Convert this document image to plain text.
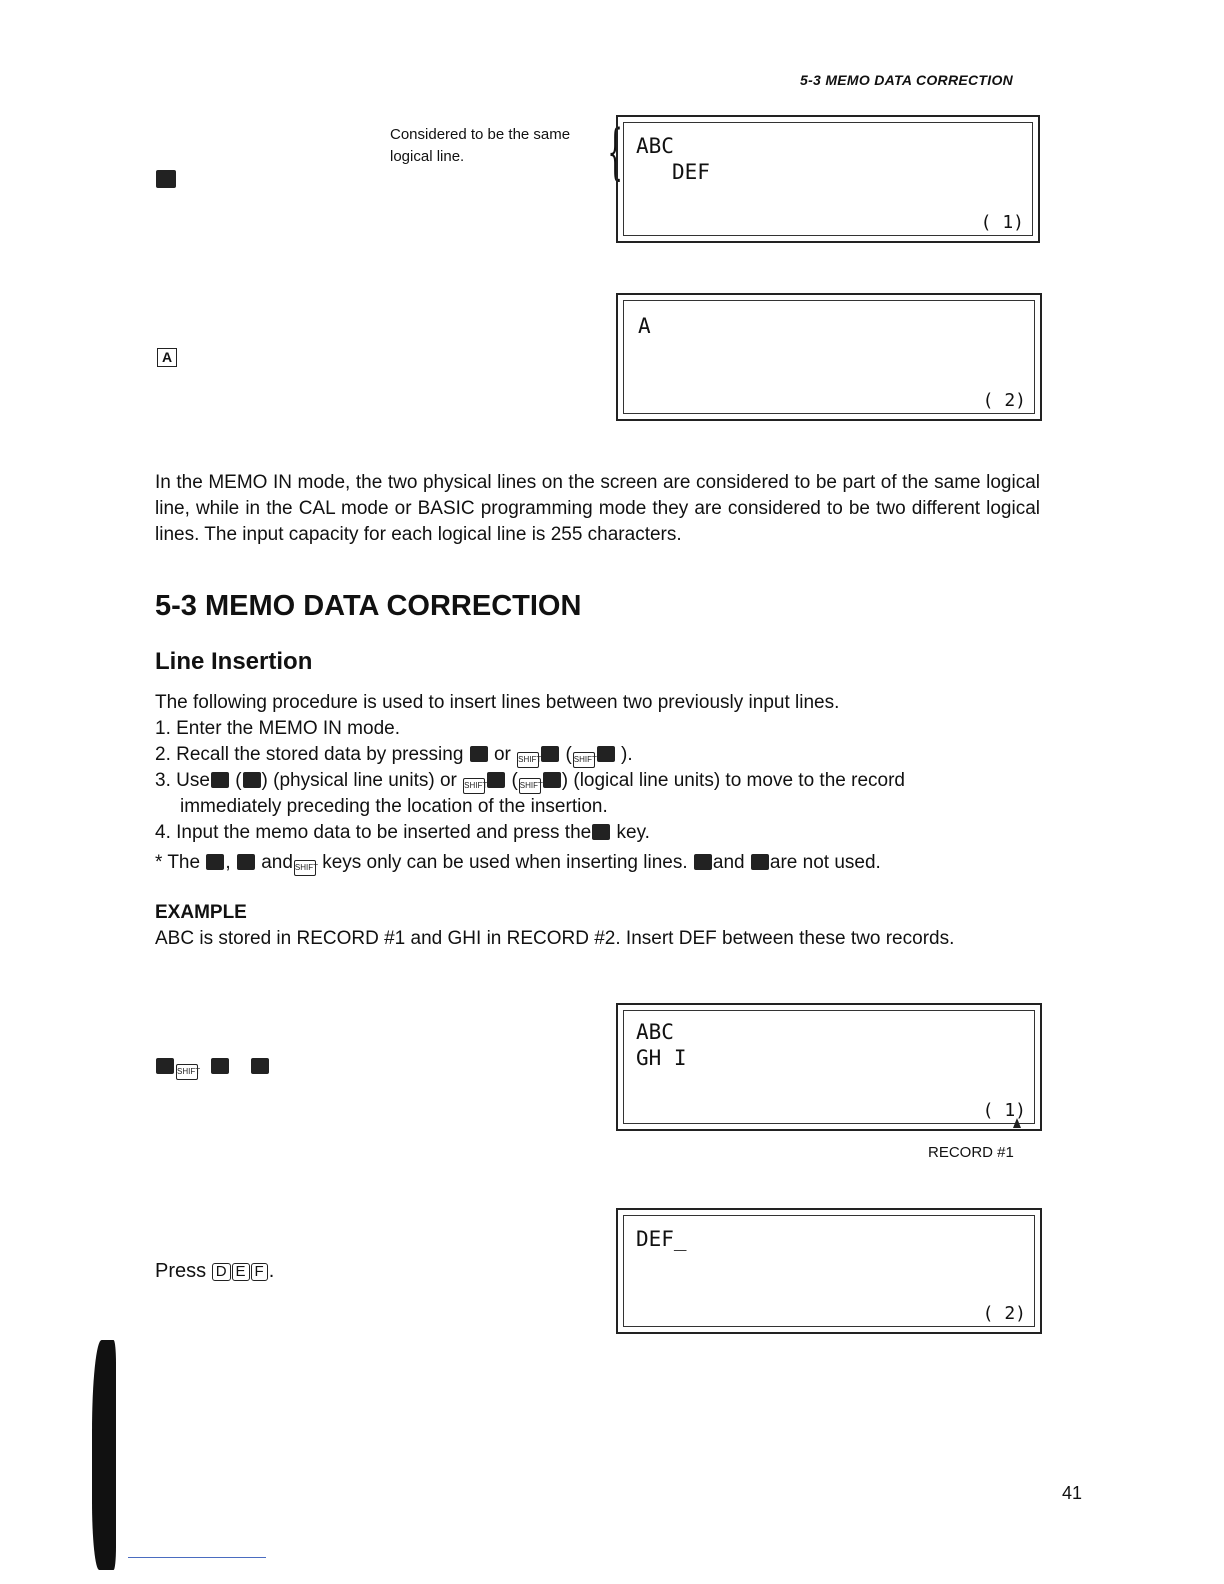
5-3 MEMO DATA CORRECTION
Considered to be the same
logical line.	{ ABC
DEF
( 1)
A
A
( 2)
In the MEMO IN mode, the two physical lines on the screen are considered to be part of the same logical line, while in the CAL mode or BASIC programming mode they are considered to be two different logical lines. The input capacity for each logical line is 255 characters.
5-3 MEMO DATA CORRECTION
Line Insertion
The following procedure is used to insert lines between two previously input lines.
1. Enter the MEMO IN mode.
2. Recall the stored data by pressing or SHIFT	( SHIFT	).
3. Use ( ) (physical line units) or SHIFT	( SHIFT ) (logical line units) to move to the record
immediately preceding the location of the insertion.
4. Input the memo data to be inserted and press the key.
* The , and SHIFT keys only can be used when inserting lines. and are not used.
EXAMPLE
ABC is stored in RECORD #1 and GHI in RECORD #2. Insert DEF between these two records.
SHIFT
ABC
GH I
( 1)
RECORD #1
Press D E F .
DEF_
( 2)
41
